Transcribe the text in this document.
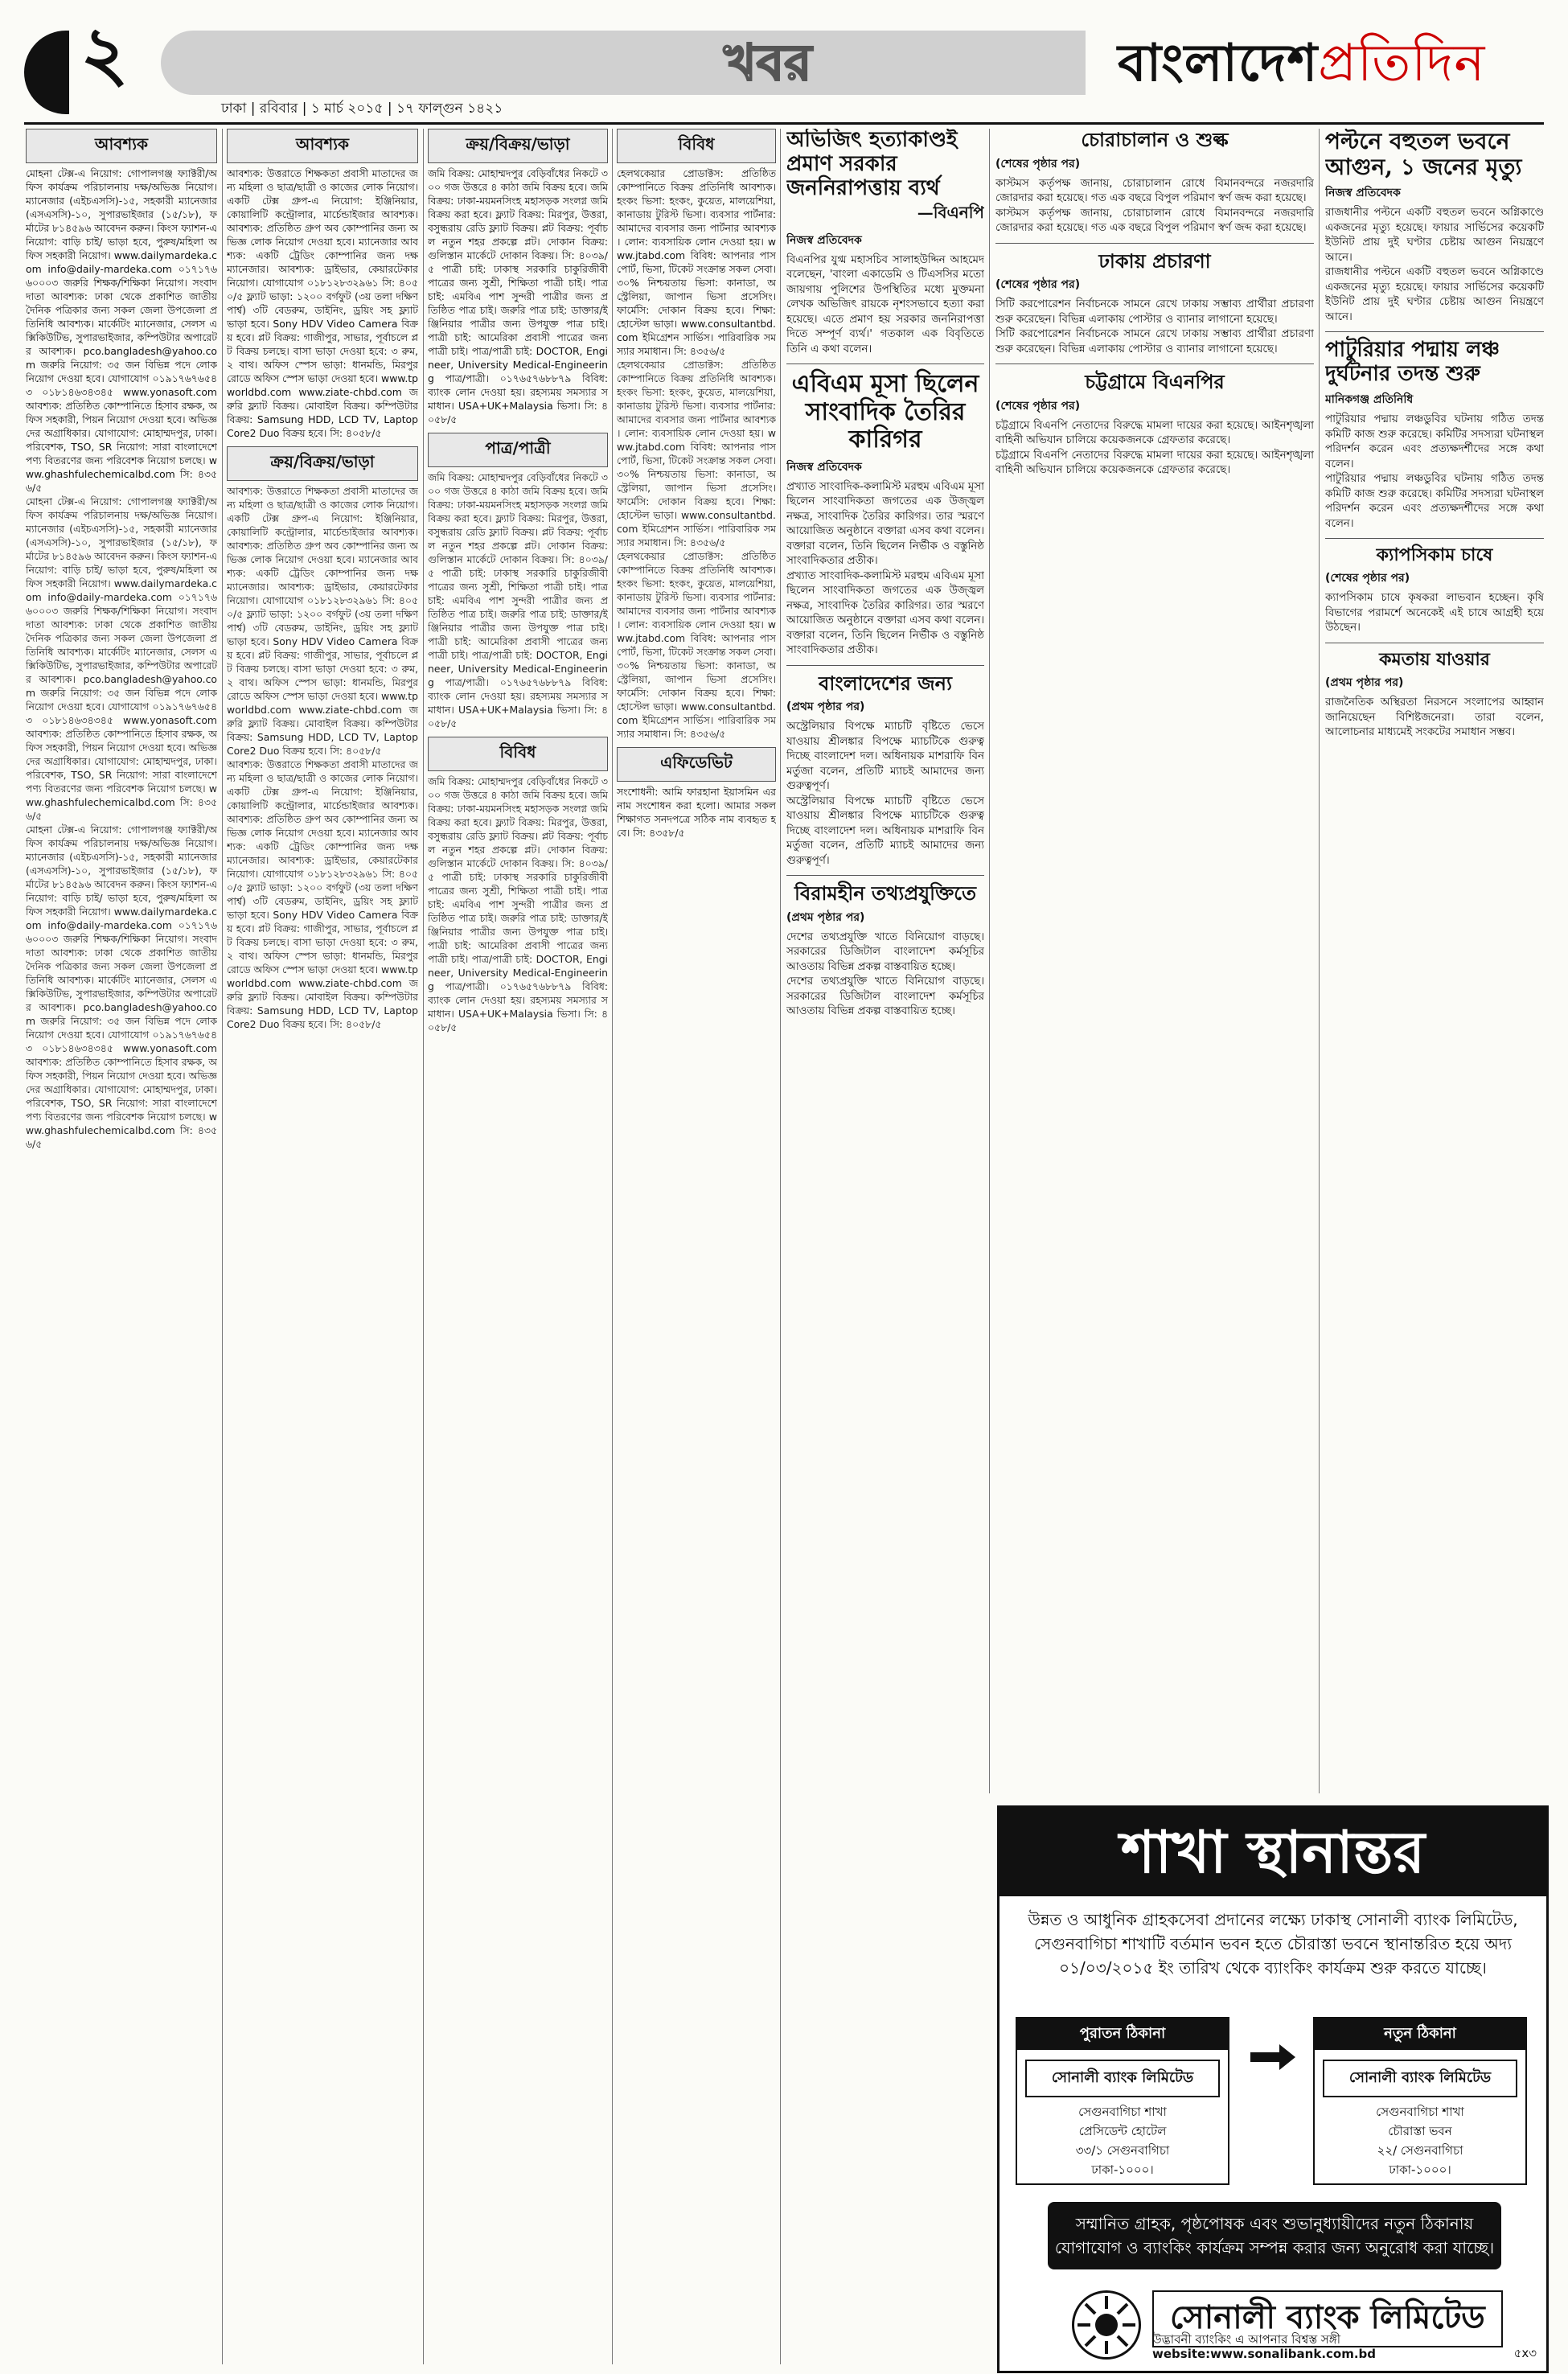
২	খবর
ঢাকা | রবিবার | ১ মার্চ ২০১৫ | ১৭ ফাল্গুন ১৪২১
বাংলাদেশপ্রতিদিন
আবশ্যক
মোহনা টেক্স-এ নিয়োগ: গোপালগঞ্জ ফ্যাক্টরী/অফিস কার্যক্রম পরিচালনায় দক্ষ/অভিজ্ঞ নিয়োগ। ম্যানেজার (এইচএসসি)-১৫, সহকারী ম্যানেজার (এসএসসি)-১০, সুপারভাইজার (১৫/১৮), ফর্মাটের ৮১৪৫৯৬ আবেদন করুন। কিংস ফ্যাশন-এ নিয়োগ: বাড়ি চাই/ ভাড়া হবে, পুরুষ/মহিলা অফিস সহকারী নিয়োগ। www.dailymardeka.com info@daily-mardeka.com ০১৭১৭৬৬০০০৩ জরুরি শিক্ষক/শিক্ষিকা নিয়োগ। সংবাদদাতা আবশ্যক: ঢাকা থেকে প্রকাশিত জাতীয় দৈনিক পত্রিকার জন্য সকল জেলা উপজেলা প্রতিনিধি আবশ্যক। মার্কেটিং ম্যানেজার, সেলস এক্সিকিউটিভ, সুপারভাইজার, কম্পিউটার অপারেটর আবশ্যক। pco.bangladesh@yahoo.com জরুরি নিয়োগ: ৩৫ জন বিভিন্ন পদে লোক নিয়োগ দেওয়া হবে। যোগাযোগ ০১৯১৭৬৭৬৫৪৩ ০১৮১৪৬৩৪৩৪৫ www.yonasoft.com আবশ্যক: প্রতিষ্ঠিত কোম্পানিতে হিসাব রক্ষক, অফিস সহকারী, পিয়ন নিয়োগ দেওয়া হবে। অভিজ্ঞদের অগ্রাধিকার। যোগাযোগ: মোহাম্মদপুর, ঢাকা। পরিবেশক, TSO, SR নিয়োগ: সারা বাংলাদেশে পণ্য বিতরণের জন্য পরিবেশক নিয়োগ চলছে। www.ghashfulechemicalbd.com সি: ৪৩৫৬/৫
মোহনা টেক্স-এ নিয়োগ: গোপালগঞ্জ ফ্যাক্টরী/অফিস কার্যক্রম পরিচালনায় দক্ষ/অভিজ্ঞ নিয়োগ। ম্যানেজার (এইচএসসি)-১৫, সহকারী ম্যানেজার (এসএসসি)-১০, সুপারভাইজার (১৫/১৮), ফর্মাটের ৮১৪৫৯৬ আবেদন করুন। কিংস ফ্যাশন-এ নিয়োগ: বাড়ি চাই/ ভাড়া হবে, পুরুষ/মহিলা অফিস সহকারী নিয়োগ। www.dailymardeka.com info@daily-mardeka.com ০১৭১৭৬৬০০০৩ জরুরি শিক্ষক/শিক্ষিকা নিয়োগ। সংবাদদাতা আবশ্যক: ঢাকা থেকে প্রকাশিত জাতীয় দৈনিক পত্রিকার জন্য সকল জেলা উপজেলা প্রতিনিধি আবশ্যক। মার্কেটিং ম্যানেজার, সেলস এক্সিকিউটিভ, সুপারভাইজার, কম্পিউটার অপারেটর আবশ্যক। pco.bangladesh@yahoo.com জরুরি নিয়োগ: ৩৫ জন বিভিন্ন পদে লোক নিয়োগ দেওয়া হবে। যোগাযোগ ০১৯১৭৬৭৬৫৪৩ ০১৮১৪৬৩৪৩৪৫ www.yonasoft.com আবশ্যক: প্রতিষ্ঠিত কোম্পানিতে হিসাব রক্ষক, অফিস সহকারী, পিয়ন নিয়োগ দেওয়া হবে। অভিজ্ঞদের অগ্রাধিকার। যোগাযোগ: মোহাম্মদপুর, ঢাকা। পরিবেশক, TSO, SR নিয়োগ: সারা বাংলাদেশে পণ্য বিতরণের জন্য পরিবেশক নিয়োগ চলছে। www.ghashfulechemicalbd.com সি: ৪৩৫৬/৫
মোহনা টেক্স-এ নিয়োগ: গোপালগঞ্জ ফ্যাক্টরী/অফিস কার্যক্রম পরিচালনায় দক্ষ/অভিজ্ঞ নিয়োগ। ম্যানেজার (এইচএসসি)-১৫, সহকারী ম্যানেজার (এসএসসি)-১০, সুপারভাইজার (১৫/১৮), ফর্মাটের ৮১৪৫৯৬ আবেদন করুন। কিংস ফ্যাশন-এ নিয়োগ: বাড়ি চাই/ ভাড়া হবে, পুরুষ/মহিলা অফিস সহকারী নিয়োগ। www.dailymardeka.com info@daily-mardeka.com ০১৭১৭৬৬০০০৩ জরুরি শিক্ষক/শিক্ষিকা নিয়োগ। সংবাদদাতা আবশ্যক: ঢাকা থেকে প্রকাশিত জাতীয় দৈনিক পত্রিকার জন্য সকল জেলা উপজেলা প্রতিনিধি আবশ্যক। মার্কেটিং ম্যানেজার, সেলস এক্সিকিউটিভ, সুপারভাইজার, কম্পিউটার অপারেটর আবশ্যক। pco.bangladesh@yahoo.com জরুরি নিয়োগ: ৩৫ জন বিভিন্ন পদে লোক নিয়োগ দেওয়া হবে। যোগাযোগ ০১৯১৭৬৭৬৫৪৩ ০১৮১৪৬৩৪৩৪৫ www.yonasoft.com আবশ্যক: প্রতিষ্ঠিত কোম্পানিতে হিসাব রক্ষক, অফিস সহকারী, পিয়ন নিয়োগ দেওয়া হবে। অভিজ্ঞদের অগ্রাধিকার। যোগাযোগ: মোহাম্মদপুর, ঢাকা। পরিবেশক, TSO, SR নিয়োগ: সারা বাংলাদেশে পণ্য বিতরণের জন্য পরিবেশক নিয়োগ চলছে। www.ghashfulechemicalbd.com সি: ৪৩৫৬/৫
আবশ্যক
আবশ্যক: উত্তরাতে শিক্ষকতা প্রবাসী মাতাদের জন্য মহিলা ও ছাত্র/ছাত্রী ও কাজের লোক নিয়োগ। একটি টেক্স গ্রুপ-এ নিয়োগ: ইঞ্জিনিয়ার, কোয়ালিটি কন্ট্রোলার, মার্চেন্ডাইজার আবশ্যক। আবশ্যক: প্রতিষ্ঠিত গ্রুপ অব কোম্পানির জন্য অভিজ্ঞ লোক নিয়োগ দেওয়া হবে। ম্যানেজার আবশ্যক: একটি ট্রেডিং কোম্পানির জন্য দক্ষ ম্যানেজার। আবশ্যক: ড্রাইভার, কেয়ারটেকার নিয়োগ। যোগাযোগ ০১৮১২৮৩২৯৬১ সি: ৪০৫০/৫ ফ্ল্যাট ভাড়া: ১২০০ বর্গফুট (৩য় তলা দক্ষিণ পার্শ্ব) ৩টি বেডরুম, ডাইনিং, ড্রয়িং সহ ফ্ল্যাট ভাড়া হবে। Sony HDV Video Camera বিক্রয় হবে। প্লট বিক্রয়: গাজীপুর, সাভার, পূর্বাচলে প্লট বিক্রয় চলছে। বাসা ভাড়া দেওয়া হবে: ৩ রুম, ২ বাথ। অফিস স্পেস ভাড়া: ধানমন্ডি, মিরপুর রোডে অফিস স্পেস ভাড়া দেওয়া হবে। www.tpworldbd.com www.ziate-chbd.com জরুরি ফ্ল্যাট বিক্রয়। মোবাইল বিক্রয়। কম্পিউটার বিক্রয়: Samsung HDD, LCD TV, Laptop Core2 Duo বিক্রয় হবে। সি: ৪০৫৮/৫
ক্রয়/বিক্রয়/ভাড়া
আবশ্যক: উত্তরাতে শিক্ষকতা প্রবাসী মাতাদের জন্য মহিলা ও ছাত্র/ছাত্রী ও কাজের লোক নিয়োগ। একটি টেক্স গ্রুপ-এ নিয়োগ: ইঞ্জিনিয়ার, কোয়ালিটি কন্ট্রোলার, মার্চেন্ডাইজার আবশ্যক। আবশ্যক: প্রতিষ্ঠিত গ্রুপ অব কোম্পানির জন্য অভিজ্ঞ লোক নিয়োগ দেওয়া হবে। ম্যানেজার আবশ্যক: একটি ট্রেডিং কোম্পানির জন্য দক্ষ ম্যানেজার। আবশ্যক: ড্রাইভার, কেয়ারটেকার নিয়োগ। যোগাযোগ ০১৮১২৮৩২৯৬১ সি: ৪০৫০/৫ ফ্ল্যাট ভাড়া: ১২০০ বর্গফুট (৩য় তলা দক্ষিণ পার্শ্ব) ৩টি বেডরুম, ডাইনিং, ড্রয়িং সহ ফ্ল্যাট ভাড়া হবে। Sony HDV Video Camera বিক্রয় হবে। প্লট বিক্রয়: গাজীপুর, সাভার, পূর্বাচলে প্লট বিক্রয় চলছে। বাসা ভাড়া দেওয়া হবে: ৩ রুম, ২ বাথ। অফিস স্পেস ভাড়া: ধানমন্ডি, মিরপুর রোডে অফিস স্পেস ভাড়া দেওয়া হবে। www.tpworldbd.com www.ziate-chbd.com জরুরি ফ্ল্যাট বিক্রয়। মোবাইল বিক্রয়। কম্পিউটার বিক্রয়: Samsung HDD, LCD TV, Laptop Core2 Duo বিক্রয় হবে। সি: ৪০৫৮/৫
আবশ্যক: উত্তরাতে শিক্ষকতা প্রবাসী মাতাদের জন্য মহিলা ও ছাত্র/ছাত্রী ও কাজের লোক নিয়োগ। একটি টেক্স গ্রুপ-এ নিয়োগ: ইঞ্জিনিয়ার, কোয়ালিটি কন্ট্রোলার, মার্চেন্ডাইজার আবশ্যক। আবশ্যক: প্রতিষ্ঠিত গ্রুপ অব কোম্পানির জন্য অভিজ্ঞ লোক নিয়োগ দেওয়া হবে। ম্যানেজার আবশ্যক: একটি ট্রেডিং কোম্পানির জন্য দক্ষ ম্যানেজার। আবশ্যক: ড্রাইভার, কেয়ারটেকার নিয়োগ। যোগাযোগ ০১৮১২৮৩২৯৬১ সি: ৪০৫০/৫ ফ্ল্যাট ভাড়া: ১২০০ বর্গফুট (৩য় তলা দক্ষিণ পার্শ্ব) ৩টি বেডরুম, ডাইনিং, ড্রয়িং সহ ফ্ল্যাট ভাড়া হবে। Sony HDV Video Camera বিক্রয় হবে। প্লট বিক্রয়: গাজীপুর, সাভার, পূর্বাচলে প্লট বিক্রয় চলছে। বাসা ভাড়া দেওয়া হবে: ৩ রুম, ২ বাথ। অফিস স্পেস ভাড়া: ধানমন্ডি, মিরপুর রোডে অফিস স্পেস ভাড়া দেওয়া হবে। www.tpworldbd.com www.ziate-chbd.com জরুরি ফ্ল্যাট বিক্রয়। মোবাইল বিক্রয়। কম্পিউটার বিক্রয়: Samsung HDD, LCD TV, Laptop Core2 Duo বিক্রয় হবে। সি: ৪০৫৮/৫
ক্রয়/বিক্রয়/ভাড়া
জমি বিক্রয়: মোহাম্মদপুর বেড়িবাঁধের নিকটে ৩০০ গজ উত্তরে ৪ কাঠা জমি বিক্রয় হবে। জমি বিক্রয়: ঢাকা-ময়মনসিংহ মহাসড়ক সংলগ্ন জমি বিক্রয় করা হবে। ফ্ল্যাট বিক্রয়: মিরপুর, উত্তরা, বসুন্ধরায় রেডি ফ্ল্যাট বিক্রয়। প্লট বিক্রয়: পূর্বাচল নতুন শহর প্রকল্পে প্লট। দোকান বিক্রয়: গুলিস্তান মার্কেটে দোকান বিক্রয়। সি: ৪০৩৯/৫ পাত্রী চাই: ঢাকাস্থ সরকারি চাকুরিজীবী পাত্রের জন্য সুশ্রী, শিক্ষিতা পাত্রী চাই। পাত্র চাই: এমবিএ পাশ সুন্দরী পাত্রীর জন্য প্রতিষ্ঠিত পাত্র চাই। জরুরি পাত্র চাই: ডাক্তার/ইঞ্জিনিয়ার পাত্রীর জন্য উপযুক্ত পাত্র চাই। পাত্রী চাই: আমেরিকা প্রবাসী পাত্রের জন্য পাত্রী চাই। পাত্র/পাত্রী চাই: DOCTOR, Engineer, University Medical-Engineering পাত্র/পাত্রী। ০১৭৬৫৭৬৮৮৭৯ বিবিধ: ব্যাংক লোন দেওয়া হয়। রহস্যময় সমস্যার সমাধান। USA+UK+Malaysia ভিসা। সি: ৪০৫৮/৫
পাত্র/পাত্রী
জমি বিক্রয়: মোহাম্মদপুর বেড়িবাঁধের নিকটে ৩০০ গজ উত্তরে ৪ কাঠা জমি বিক্রয় হবে। জমি বিক্রয়: ঢাকা-ময়মনসিংহ মহাসড়ক সংলগ্ন জমি বিক্রয় করা হবে। ফ্ল্যাট বিক্রয়: মিরপুর, উত্তরা, বসুন্ধরায় রেডি ফ্ল্যাট বিক্রয়। প্লট বিক্রয়: পূর্বাচল নতুন শহর প্রকল্পে প্লট। দোকান বিক্রয়: গুলিস্তান মার্কেটে দোকান বিক্রয়। সি: ৪০৩৯/৫ পাত্রী চাই: ঢাকাস্থ সরকারি চাকুরিজীবী পাত্রের জন্য সুশ্রী, শিক্ষিতা পাত্রী চাই। পাত্র চাই: এমবিএ পাশ সুন্দরী পাত্রীর জন্য প্রতিষ্ঠিত পাত্র চাই। জরুরি পাত্র চাই: ডাক্তার/ইঞ্জিনিয়ার পাত্রীর জন্য উপযুক্ত পাত্র চাই। পাত্রী চাই: আমেরিকা প্রবাসী পাত্রের জন্য পাত্রী চাই। পাত্র/পাত্রী চাই: DOCTOR, Engineer, University Medical-Engineering পাত্র/পাত্রী। ০১৭৬৫৭৬৮৮৭৯ বিবিধ: ব্যাংক লোন দেওয়া হয়। রহস্যময় সমস্যার সমাধান। USA+UK+Malaysia ভিসা। সি: ৪০৫৮/৫
বিবিধ
জমি বিক্রয়: মোহাম্মদপুর বেড়িবাঁধের নিকটে ৩০০ গজ উত্তরে ৪ কাঠা জমি বিক্রয় হবে। জমি বিক্রয়: ঢাকা-ময়মনসিংহ মহাসড়ক সংলগ্ন জমি বিক্রয় করা হবে। ফ্ল্যাট বিক্রয়: মিরপুর, উত্তরা, বসুন্ধরায় রেডি ফ্ল্যাট বিক্রয়। প্লট বিক্রয়: পূর্বাচল নতুন শহর প্রকল্পে প্লট। দোকান বিক্রয়: গুলিস্তান মার্কেটে দোকান বিক্রয়। সি: ৪০৩৯/৫ পাত্রী চাই: ঢাকাস্থ সরকারি চাকুরিজীবী পাত্রের জন্য সুশ্রী, শিক্ষিতা পাত্রী চাই। পাত্র চাই: এমবিএ পাশ সুন্দরী পাত্রীর জন্য প্রতিষ্ঠিত পাত্র চাই। জরুরি পাত্র চাই: ডাক্তার/ইঞ্জিনিয়ার পাত্রীর জন্য উপযুক্ত পাত্র চাই। পাত্রী চাই: আমেরিকা প্রবাসী পাত্রের জন্য পাত্রী চাই। পাত্র/পাত্রী চাই: DOCTOR, Engineer, University Medical-Engineering পাত্র/পাত্রী। ০১৭৬৫৭৬৮৮৭৯ বিবিধ: ব্যাংক লোন দেওয়া হয়। রহস্যময় সমস্যার সমাধান। USA+UK+Malaysia ভিসা। সি: ৪০৫৮/৫
বিবিধ
হেলথকেয়ার প্রোডাক্টস: প্রতিষ্ঠিত কোম্পানিতে বিক্রয় প্রতিনিধি আবশ্যক। হংকং ভিসা: হংকং, কুয়েত, মালয়েশিয়া, কানাডায় টুরিস্ট ভিসা। ব্যবসার পার্টনার: আমাদের ব্যবসার জন্য পার্টনার আবশ্যক। লোন: ব্যবসায়িক লোন দেওয়া হয়। www.jtabd.com বিবিধ: আপনার পাসপোর্ট, ভিসা, টিকেট সংক্রান্ত সকল সেবা। ৩০% নিশ্চয়তায় ভিসা: কানাডা, অস্ট্রেলিয়া, জাপান ভিসা প্রসেসিং। ফার্মেসি: দোকান বিক্রয় হবে। শিক্ষা: হোস্টেল ভাড়া। www.consultantbd.com ইমিগ্রেশন সার্ভিস। পারিবারিক সমস্যার সমাধান। সি: ৪৩৫৬/৫
হেলথকেয়ার প্রোডাক্টস: প্রতিষ্ঠিত কোম্পানিতে বিক্রয় প্রতিনিধি আবশ্যক। হংকং ভিসা: হংকং, কুয়েত, মালয়েশিয়া, কানাডায় টুরিস্ট ভিসা। ব্যবসার পার্টনার: আমাদের ব্যবসার জন্য পার্টনার আবশ্যক। লোন: ব্যবসায়িক লোন দেওয়া হয়। www.jtabd.com বিবিধ: আপনার পাসপোর্ট, ভিসা, টিকেট সংক্রান্ত সকল সেবা। ৩০% নিশ্চয়তায় ভিসা: কানাডা, অস্ট্রেলিয়া, জাপান ভিসা প্রসেসিং। ফার্মেসি: দোকান বিক্রয় হবে। শিক্ষা: হোস্টেল ভাড়া। www.consultantbd.com ইমিগ্রেশন সার্ভিস। পারিবারিক সমস্যার সমাধান। সি: ৪৩৫৬/৫
হেলথকেয়ার প্রোডাক্টস: প্রতিষ্ঠিত কোম্পানিতে বিক্রয় প্রতিনিধি আবশ্যক। হংকং ভিসা: হংকং, কুয়েত, মালয়েশিয়া, কানাডায় টুরিস্ট ভিসা। ব্যবসার পার্টনার: আমাদের ব্যবসার জন্য পার্টনার আবশ্যক। লোন: ব্যবসায়িক লোন দেওয়া হয়। www.jtabd.com বিবিধ: আপনার পাসপোর্ট, ভিসা, টিকেট সংক্রান্ত সকল সেবা। ৩০% নিশ্চয়তায় ভিসা: কানাডা, অস্ট্রেলিয়া, জাপান ভিসা প্রসেসিং। ফার্মেসি: দোকান বিক্রয় হবে। শিক্ষা: হোস্টেল ভাড়া। www.consultantbd.com ইমিগ্রেশন সার্ভিস। পারিবারিক সমস্যার সমাধান। সি: ৪৩৫৬/৫
এফিডেভিট
সংশোধনী: আমি ফারহানা ইয়াসমিন এর নাম সংশোধন করা হলো। আমার সকল শিক্ষাগত সনদপত্রে সঠিক নাম ব্যবহৃত হবে। সি: ৪৩৫৮/৫
অভিজিৎ হত্যাকাণ্ডই প্রমাণ সরকার জননিরাপত্তায় ব্যর্থ
—বিএনপি
নিজস্ব প্রতিবেদক
বিএনপির যুগ্ম মহাসচিব সালাহউদ্দিন আহমেদ বলেছেন, 'বাংলা একাডেমি ও টিএসসির মতো জায়গায় পুলিশের উপস্থিতির মধ্যে মুক্তমনা লেখক অভিজিৎ রায়কে নৃশংসভাবে হত্যা করা হয়েছে। এতে প্রমাণ হয় সরকার জননিরাপত্তা দিতে সম্পূর্ণ ব্যর্থ।' গতকাল এক বিবৃতিতে তিনি এ কথা বলেন।
এবিএম মূসা ছিলেন সাংবাদিক তৈরির কারিগর
নিজস্ব প্রতিবেদক
প্রখ্যাত সাংবাদিক-কলামিস্ট মরহুম এবিএম মূসা ছিলেন সাংবাদিকতা জগতের এক উজ্জ্বল নক্ষত্র, সাংবাদিক তৈরির কারিগর। তার স্মরণে আয়োজিত অনুষ্ঠানে বক্তারা এসব কথা বলেন। বক্তারা বলেন, তিনি ছিলেন নির্ভীক ও বস্তুনিষ্ঠ সাংবাদিকতার প্রতীক।
প্রখ্যাত সাংবাদিক-কলামিস্ট মরহুম এবিএম মূসা ছিলেন সাংবাদিকতা জগতের এক উজ্জ্বল নক্ষত্র, সাংবাদিক তৈরির কারিগর। তার স্মরণে আয়োজিত অনুষ্ঠানে বক্তারা এসব কথা বলেন। বক্তারা বলেন, তিনি ছিলেন নির্ভীক ও বস্তুনিষ্ঠ সাংবাদিকতার প্রতীক।
বাংলাদেশের জন্য
(প্রথম পৃষ্ঠার পর)
অস্ট্রেলিয়ার বিপক্ষে ম্যাচটি বৃষ্টিতে ভেসে যাওয়ায় শ্রীলঙ্কার বিপক্ষে ম্যাচটিকে গুরুত্ব দিচ্ছে বাংলাদেশ দল। অধিনায়ক মাশরাফি বিন মর্তুজা বলেন, প্রতিটি ম্যাচই আমাদের জন্য গুরুত্বপূর্ণ।
অস্ট্রেলিয়ার বিপক্ষে ম্যাচটি বৃষ্টিতে ভেসে যাওয়ায় শ্রীলঙ্কার বিপক্ষে ম্যাচটিকে গুরুত্ব দিচ্ছে বাংলাদেশ দল। অধিনায়ক মাশরাফি বিন মর্তুজা বলেন, প্রতিটি ম্যাচই আমাদের জন্য গুরুত্বপূর্ণ।
বিরামহীন তথ্যপ্রযুক্তিতে
(প্রথম পৃষ্ঠার পর)
দেশের তথ্যপ্রযুক্তি খাতে বিনিয়োগ বাড়ছে। সরকারের ডিজিটাল বাংলাদেশ কর্মসূচির আওতায় বিভিন্ন প্রকল্প বাস্তবায়িত হচ্ছে।
দেশের তথ্যপ্রযুক্তি খাতে বিনিয়োগ বাড়ছে। সরকারের ডিজিটাল বাংলাদেশ কর্মসূচির আওতায় বিভিন্ন প্রকল্প বাস্তবায়িত হচ্ছে।
চোরাচালান ও শুল্ক
(শেষের পৃষ্ঠার পর)
কাস্টমস কর্তৃপক্ষ জানায়, চোরাচালান রোধে বিমানবন্দরে নজরদারি জোরদার করা হয়েছে। গত এক বছরে বিপুল পরিমাণ স্বর্ণ জব্দ করা হয়েছে।
কাস্টমস কর্তৃপক্ষ জানায়, চোরাচালান রোধে বিমানবন্দরে নজরদারি জোরদার করা হয়েছে। গত এক বছরে বিপুল পরিমাণ স্বর্ণ জব্দ করা হয়েছে।
ঢাকায় প্রচারণা
(শেষের পৃষ্ঠার পর)
সিটি করপোরেশন নির্বাচনকে সামনে রেখে ঢাকায় সম্ভাব্য প্রার্থীরা প্রচারণা শুরু করেছেন। বিভিন্ন এলাকায় পোস্টার ও ব্যানার লাগানো হয়েছে।
সিটি করপোরেশন নির্বাচনকে সামনে রেখে ঢাকায় সম্ভাব্য প্রার্থীরা প্রচারণা শুরু করেছেন। বিভিন্ন এলাকায় পোস্টার ও ব্যানার লাগানো হয়েছে।
চট্টগ্রামে বিএনপির
(শেষের পৃষ্ঠার পর)
চট্টগ্রামে বিএনপি নেতাদের বিরুদ্ধে মামলা দায়ের করা হয়েছে। আইনশৃঙ্খলা বাহিনী অভিযান চালিয়ে কয়েকজনকে গ্রেফতার করেছে।
চট্টগ্রামে বিএনপি নেতাদের বিরুদ্ধে মামলা দায়ের করা হয়েছে। আইনশৃঙ্খলা বাহিনী অভিযান চালিয়ে কয়েকজনকে গ্রেফতার করেছে।
পল্টনে বহুতল ভবনে আগুন, ১ জনের মৃত্যু
নিজস্ব প্রতিবেদক
রাজধানীর পল্টনে একটি বহুতল ভবনে অগ্নিকাণ্ডে একজনের মৃত্যু হয়েছে। ফায়ার সার্ভিসের কয়েকটি ইউনিট প্রায় দুই ঘণ্টার চেষ্টায় আগুন নিয়ন্ত্রণে আনে।
রাজধানীর পল্টনে একটি বহুতল ভবনে অগ্নিকাণ্ডে একজনের মৃত্যু হয়েছে। ফায়ার সার্ভিসের কয়েকটি ইউনিট প্রায় দুই ঘণ্টার চেষ্টায় আগুন নিয়ন্ত্রণে আনে।
পাটুরিয়ার পদ্মায় লঞ্চ দুর্ঘটনার তদন্ত শুরু
মানিকগঞ্জ প্রতিনিধি
পাটুরিয়ার পদ্মায় লঞ্চডুবির ঘটনায় গঠিত তদন্ত কমিটি কাজ শুরু করেছে। কমিটির সদস্যরা ঘটনাস্থল পরিদর্শন করেন এবং প্রত্যক্ষদর্শীদের সঙ্গে কথা বলেন।
পাটুরিয়ার পদ্মায় লঞ্চডুবির ঘটনায় গঠিত তদন্ত কমিটি কাজ শুরু করেছে। কমিটির সদস্যরা ঘটনাস্থল পরিদর্শন করেন এবং প্রত্যক্ষদর্শীদের সঙ্গে কথা বলেন।
ক্যাপসিকাম চাষে
(শেষের পৃষ্ঠার পর)
ক্যাপসিকাম চাষে কৃষকরা লাভবান হচ্ছেন। কৃষি বিভাগের পরামর্শে অনেকেই এই চাষে আগ্রহী হয়ে উঠছেন।
কমতায় যাওয়ার
(প্রথম পৃষ্ঠার পর)
রাজনৈতিক অস্থিরতা নিরসনে সংলাপের আহ্বান জানিয়েছেন বিশিষ্টজনেরা। তারা বলেন, আলোচনার মাধ্যমেই সংকটের সমাধান সম্ভব।
শাখা স্থানান্তর
উন্নত ও আধুনিক গ্রাহকসেবা প্রদানের লক্ষ্যে ঢাকাস্থ সোনালী ব্যাংক লিমিটেড, সেগুনবাগিচা শাখাটি বর্তমান ভবন হতে চৌরাস্তা ভবনে স্থানান্তরিত হয়ে অদ্য ০১/০৩/২০১৫ ইং তারিখ থেকে ব্যাংকিং কার্যক্রম শুরু করতে যাচ্ছে।
পুরাতন ঠিকানা
সোনালী ব্যাংক লিমিটেড
সেগুনবাগিচা শাখা
প্রেসিডেন্ট হোটেল
৩৩/১ সেগুনবাগিচা
ঢাকা-১০০০।
নতুন ঠিকানা
সোনালী ব্যাংক লিমিটেড
সেগুনবাগিচা শাখা
চৌরাস্তা ভবন
২২/ সেগুনবাগিচা
ঢাকা-১০০০।
সম্মানিত গ্রাহক, পৃষ্ঠপোষক এবং শুভানুধ্যায়ীদের নতুন ঠিকানায় যোগাযোগ ও ব্যাংকিং কার্যক্রম সম্পন্ন করার জন্য অনুরোধ করা যাচ্ছে।
সোনালী ব্যাংক লিমিটেড
উদ্ভাবনী ব্যাংকিং এ আপনার বিশ্বস্ত সঙ্গী
website:www.sonalibank.com.bd	৫x৩
